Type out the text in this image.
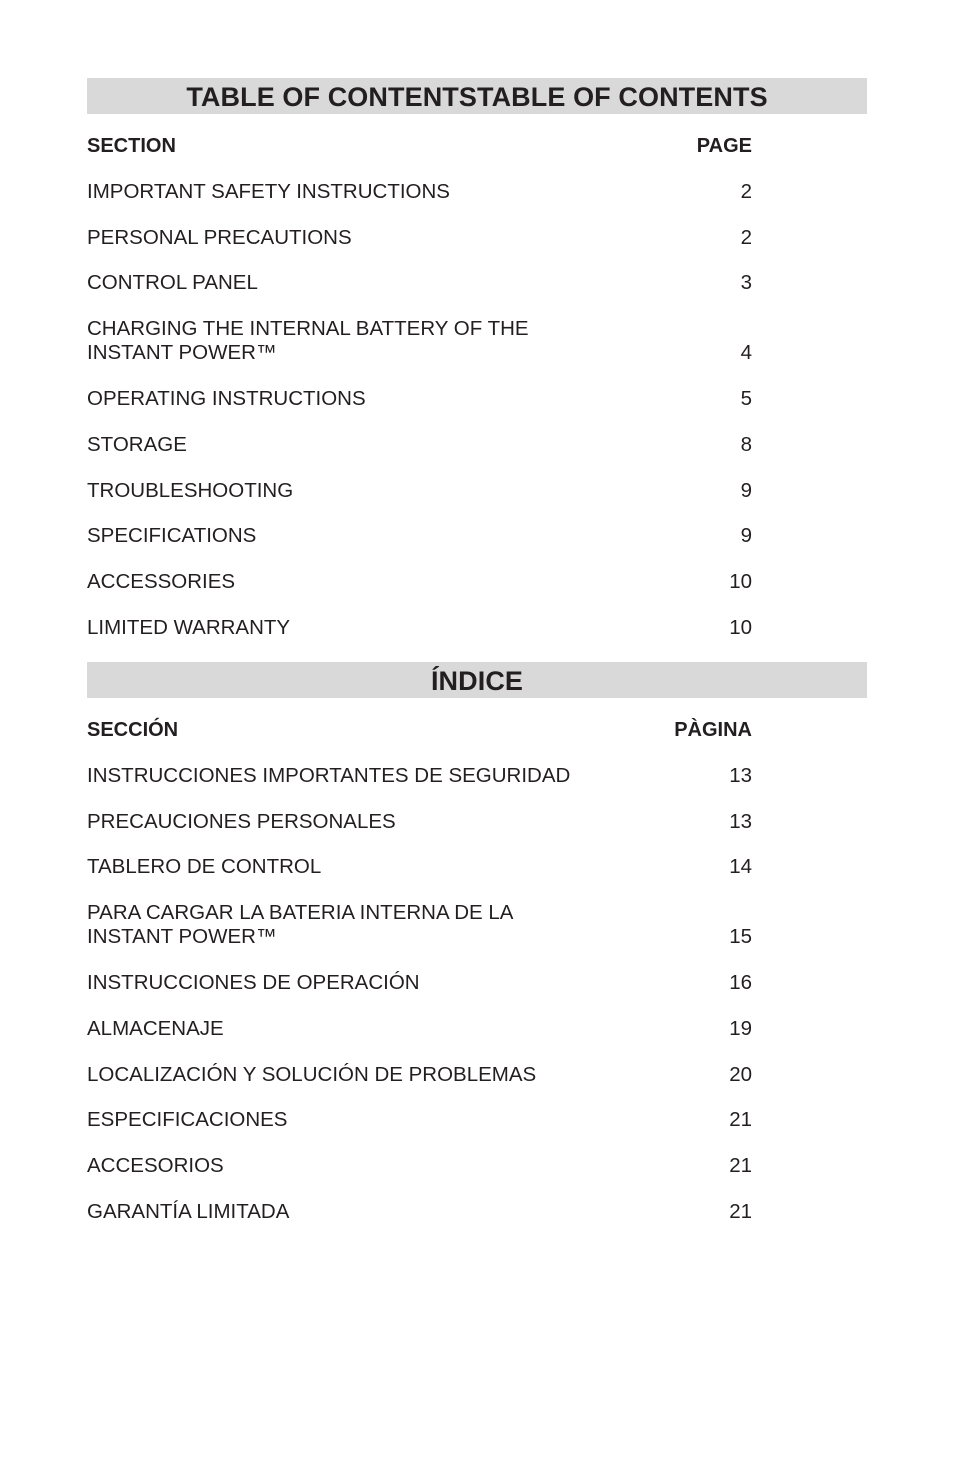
TABLE OF CONTENTSTABLE OF CONTENTS
SECTION	PAGE
IMPORTANT SAFETY INSTRUCTIONS	2
PERSONAL PRECAUTIONS	2
CONTROL PANEL	3
CHARGING THE INTERNAL BATTERY OF THE
INSTANT POWER™	4
OPERATING INSTRUCTIONS	5
STORAGE	8
TROUBLESHOOTING	9
SPECIFICATIONS	9
ACCESSORIES	10
LIMITED WARRANTY	10
ÍNDICE
SECCIÓN	PÀGINA
INSTRUCCIONES IMPORTANTES DE SEGURIDAD	13
PRECAUCIONES PERSONALES	13
TABLERO DE CONTROL	14
PARA CARGAR LA BATERIA INTERNA DE LA
INSTANT POWER™	15
INSTRUCCIONES DE OPERACIÓN	16
ALMACENAJE	19
LOCALIZACIÓN Y SOLUCIÓN DE PROBLEMAS	20
ESPECIFICACIONES	21
ACCESORIOS	21
GARANTÍA LIMITADA	21
